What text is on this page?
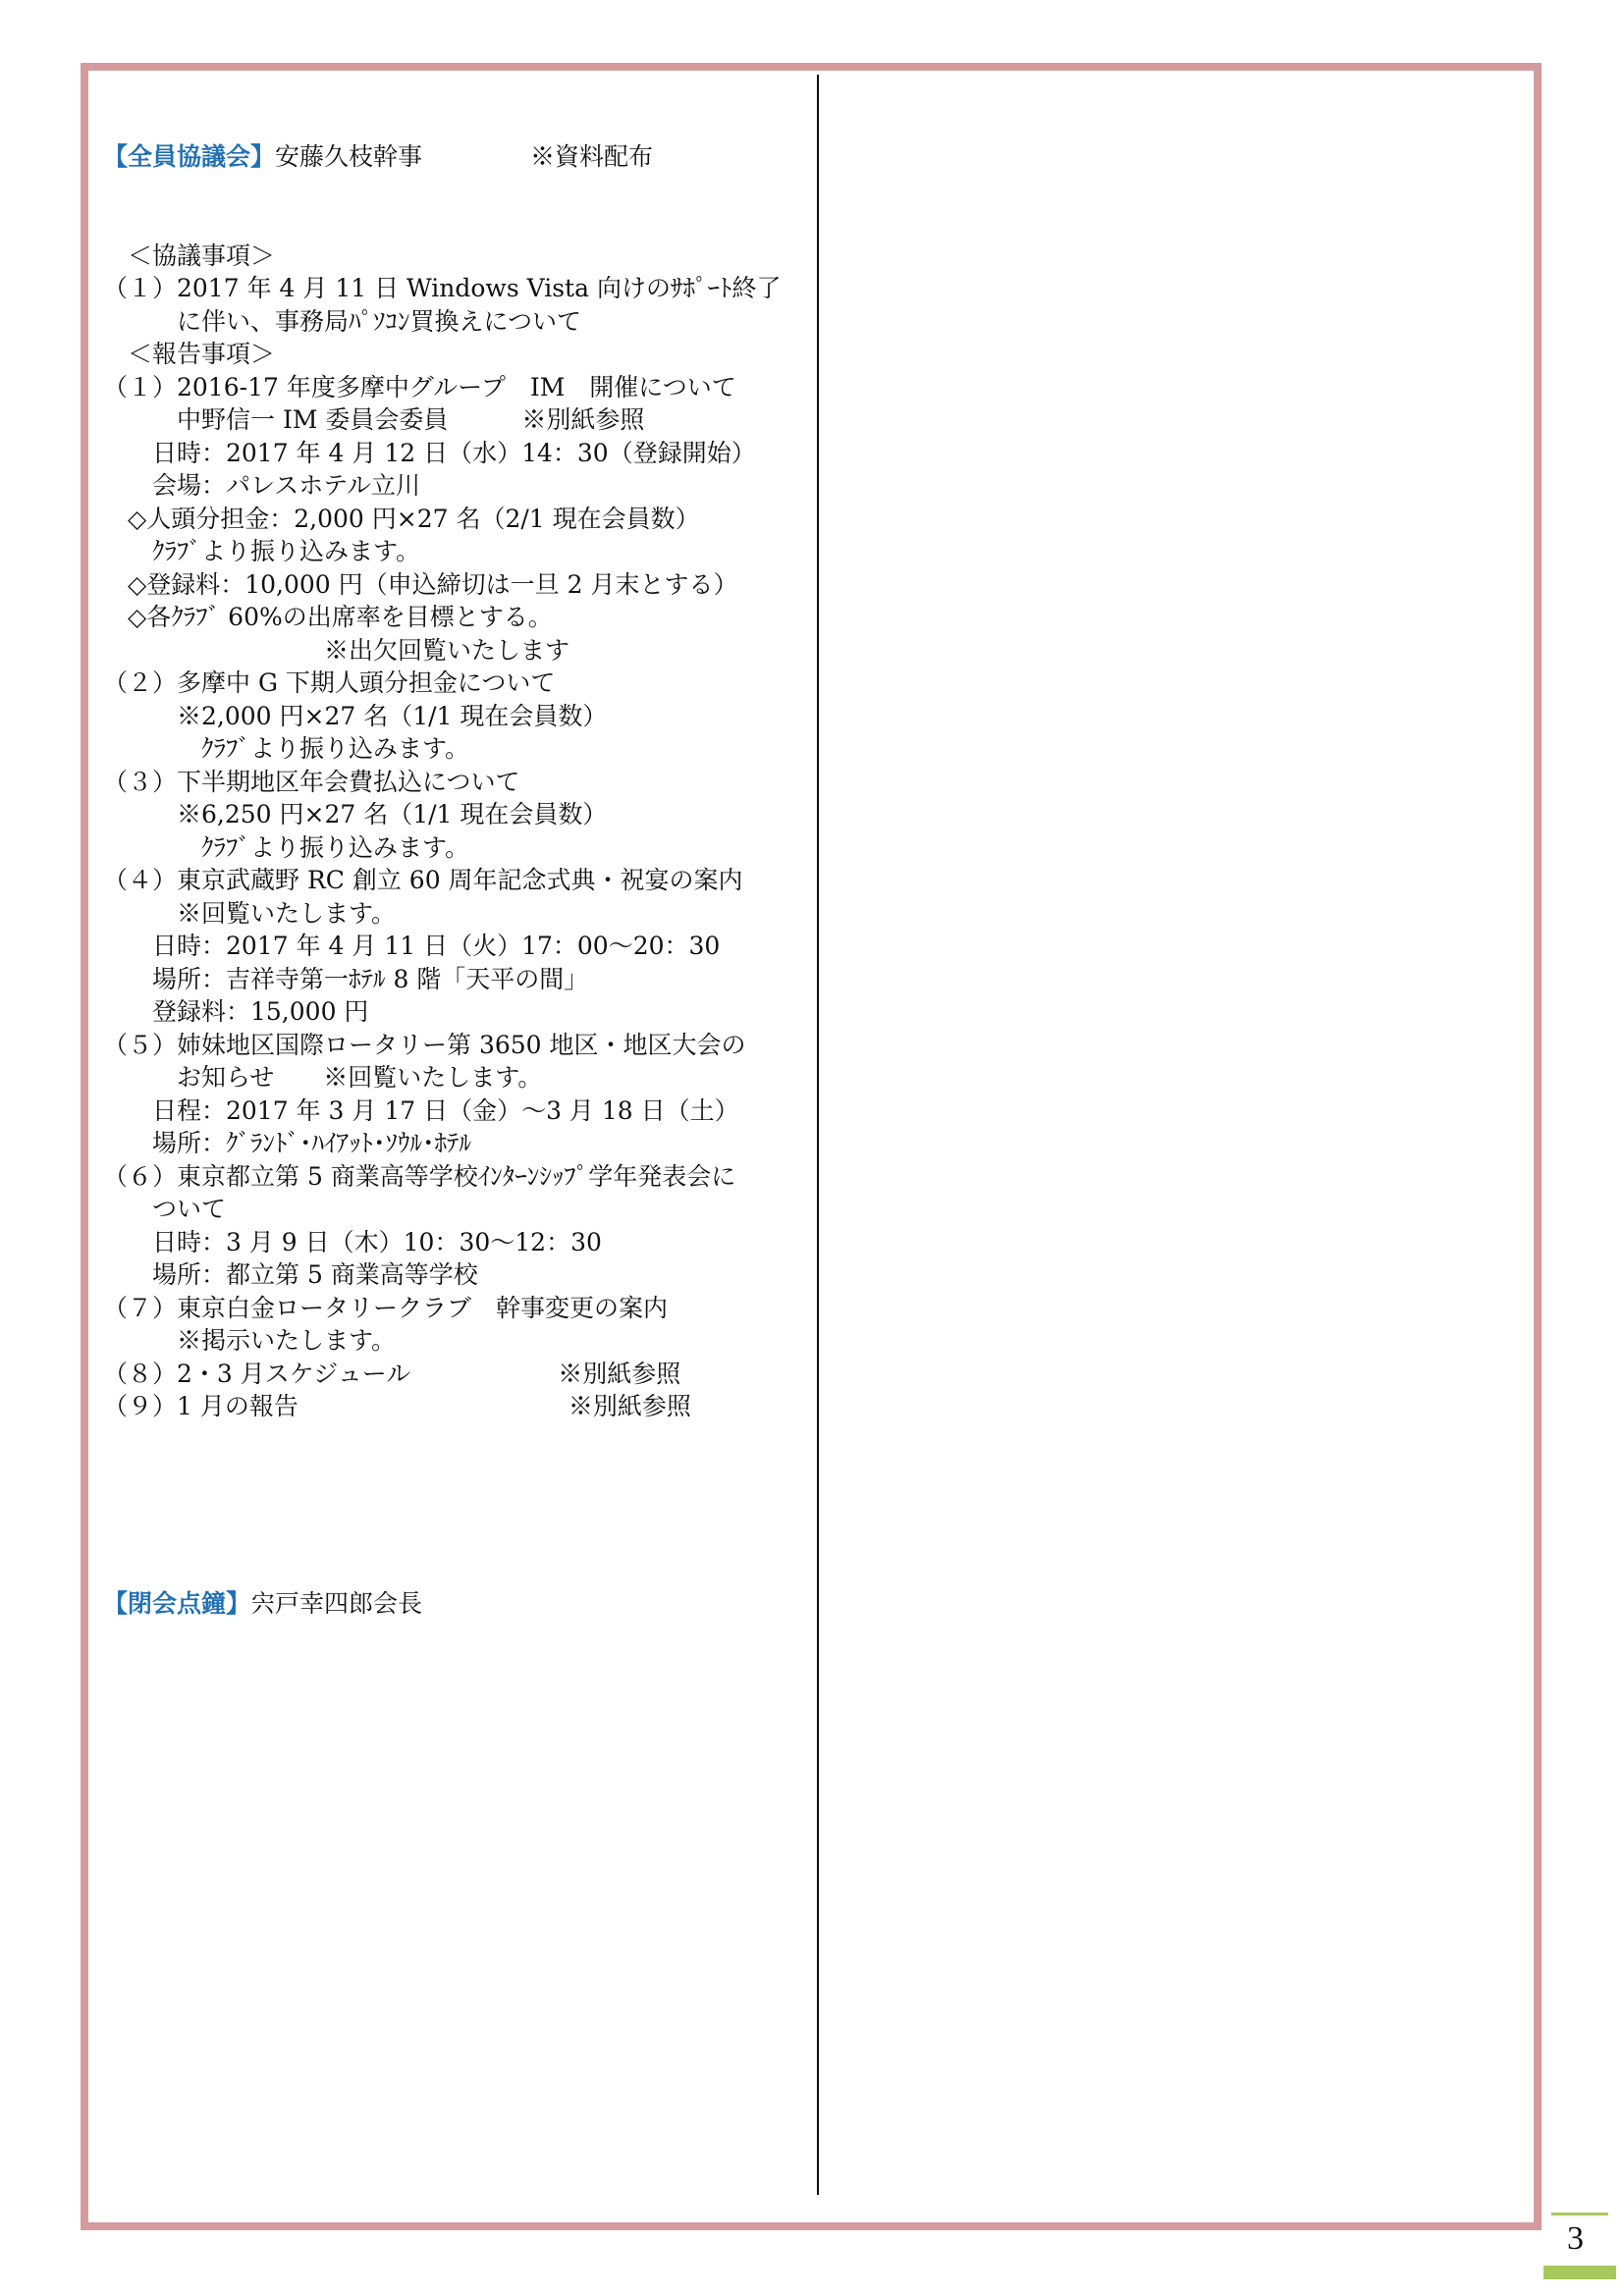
【全員協議会】安藤久枝幹事	※資料配布

＜協議事項＞
（１）2017 年 4 月 11 日 Windows Vista 向けのｻﾎﾟｰﾄ終了
に伴い、事務局ﾊﾟｿｺﾝ買換えについて
＜報告事項＞
（１）2016-17 年度多摩中グループ　IM　開催について
中野信一 IM 委員会委員　　　※別紙参照
日時：2017 年 4 月 12 日（水）14：30（登録開始）
会場：パレスホテル立川
◇人頭分担金：2,000 円×27 名（2/1 現在会員数）
ｸﾗﾌﾞより振り込みます。
◇登録料：10,000 円（申込締切は一旦 2 月末とする）
◇各ｸﾗﾌﾞ 60%の出席率を目標とする。
※出欠回覧いたします
（２）多摩中 G 下期人頭分担金について
※2,000 円×27 名（1/1 現在会員数）
ｸﾗﾌﾞより振り込みます。
（３）下半期地区年会費払込について
※6,250 円×27 名（1/1 現在会員数）
ｸﾗﾌﾞより振り込みます。
（４）東京武蔵野 RC 創立 60 周年記念式典・祝宴の案内
※回覧いたします。
日時：2017 年 4 月 11 日（火）17：00～20：30
場所：吉祥寺第一ﾎﾃﾙ 8 階「天平の間」
登録料：15,000 円
（５）姉妹地区国際ロータリー第 3650 地区・地区大会の
お知らせ　　※回覧いたします。
日程：2017 年 3 月 17 日（金）～3 月 18 日（土）
場所：ｸﾞﾗﾝﾄﾞ･ﾊｲｱｯﾄ･ｿｳﾙ･ﾎﾃﾙ
（６）東京都立第 5 商業高等学校ｲﾝﾀｰﾝｼｯﾌﾟ学年発表会に
ついて
日時：3 月 9 日（木）10：30～12：30
場所：都立第 5 商業高等学校
（７）東京白金ロータリークラブ　幹事変更の案内
※掲示いたします。
（８）2・3 月スケジュール　　　　　　※別紙参照
（９）1 月の報告　　　　　　　　　　　※別紙参照

【閉会点鐘】宍戸幸四郎会長

3
